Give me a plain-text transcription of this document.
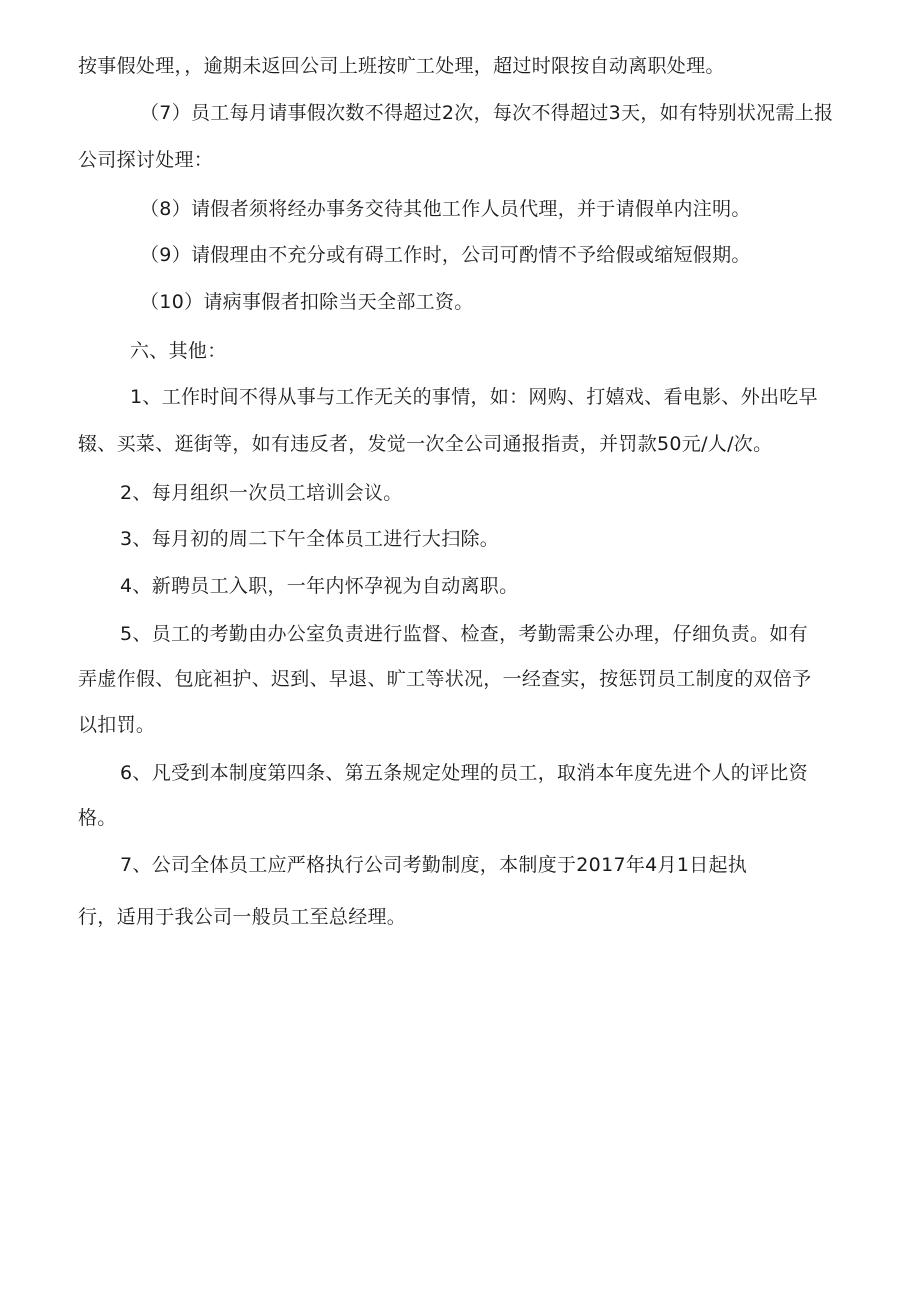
按事假处理，，逾期未返回公司上班按旷工处理，超过时限按自动离职处理。
（7）员工每月请事假次数不得超过2次，每次不得超过3天，如有特别状况需上报
公司探讨处理：
（8）请假者须将经办事务交待其他工作人员代理，并于请假单内注明。
（9）请假理由不充分或有碍工作时，公司可酌情不予给假或缩短假期。
（10）请病事假者扣除当天全部工资。
六、其他：
1、工作时间不得从事与工作无关的事情，如：网购、打嬉戏、看电影、外出吃早
辍、买菜、逛街等，如有违反者，发觉一次全公司通报指责，并罚款50元/人/次。
2、每月组织一次员工培训会议。
3、每月初的周二下午全体员工进行大扫除。
4、新聘员工入职，一年内怀孕视为自动离职。
5、员工的考勤由办公室负责进行监督、检查，考勤需秉公办理，仔细负责。如有
弄虚作假、包庇袒护、迟到、早退、旷工等状况，一经查实，按惩罚员工制度的双倍予
以扣罚。
6、凡受到本制度第四条、第五条规定处理的员工，取消本年度先进个人的评比资
格。
7、公司全体员工应严格执行公司考勤制度，本制度于2017年4月1日起执
行，适用于我公司一般员工至总经理。
